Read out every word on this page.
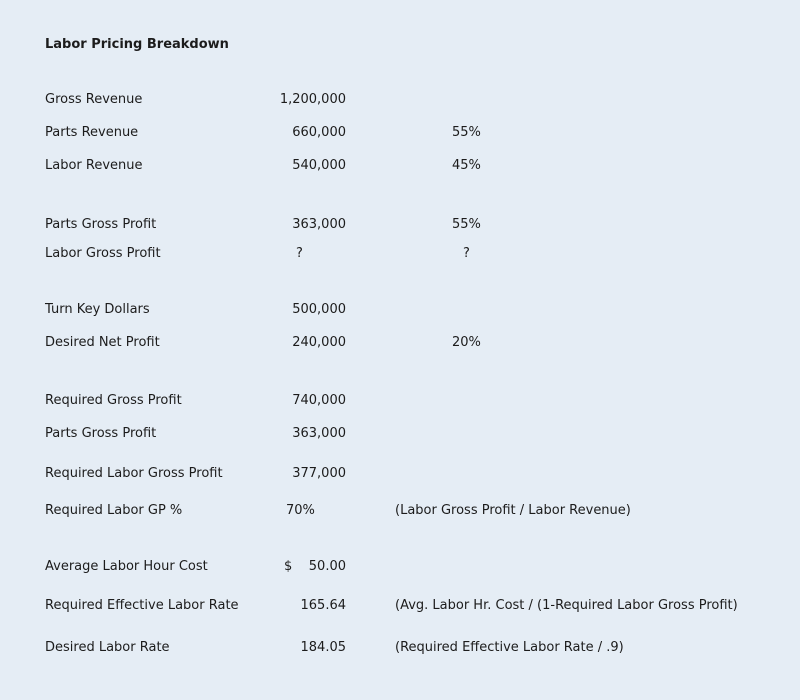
Labor Pricing Breakdown
Gross Revenue	1,200,000
Parts Revenue	660,000	55%
Labor Revenue	540,000	45%
Parts Gross Profit	363,000	55%
Labor Gross Profit	?	?
Turn Key Dollars	500,000
Desired Net Profit	240,000	20%
Required Gross Profit	740,000
Parts Gross Profit	363,000
Required Labor Gross Profit	377,000
Required Labor GP %	70%	(Labor Gross Profit / Labor Revenue)
Average Labor Hour Cost	$ 50.00
Required Effective Labor Rate	165.64	(Avg. Labor Hr. Cost / (1-Required Labor Gross Profit)
Desired Labor Rate	184.05	(Required Effective Labor Rate / .9)
